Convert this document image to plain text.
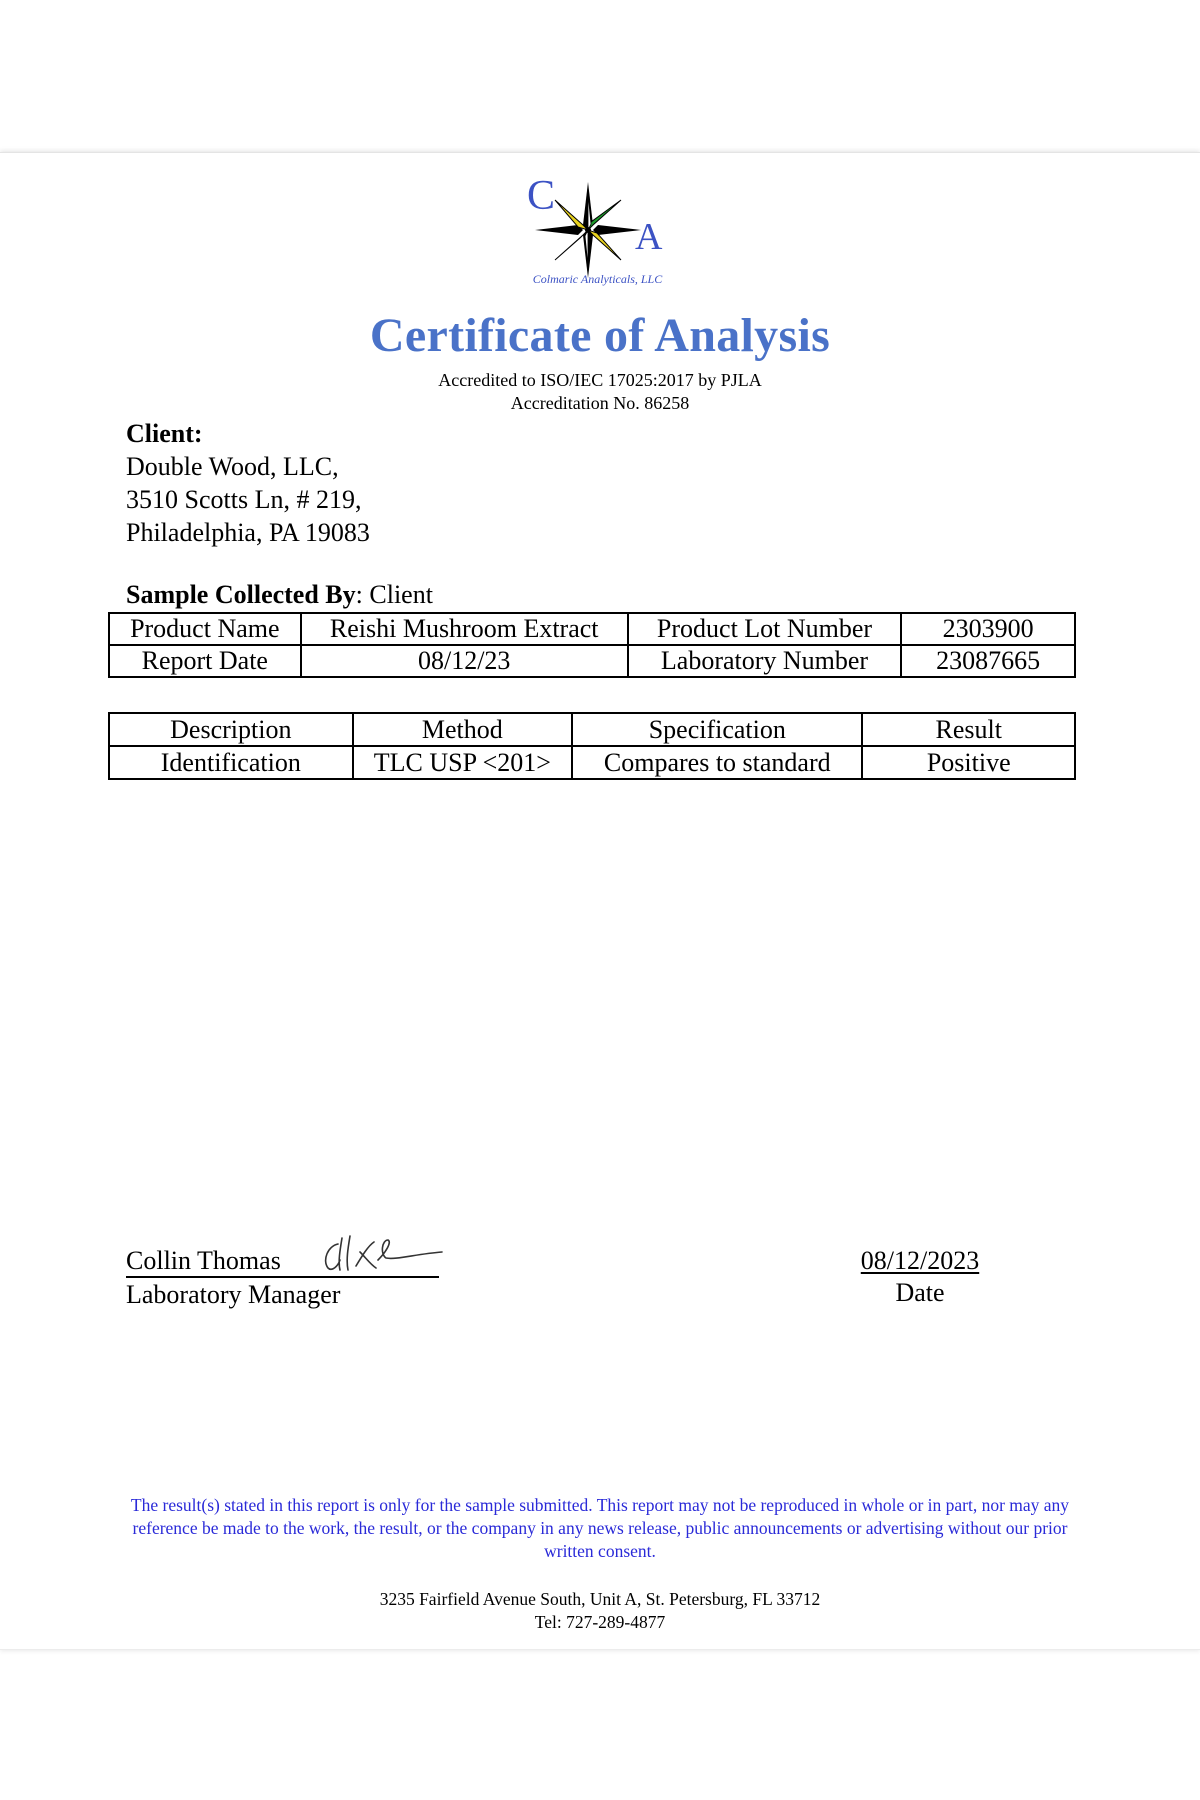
C
A
Colmaric Analyticals, LLC
Certificate of Analysis
Accredited to ISO/IEC 17025:2017 by PJLA
Accreditation No. 86258
Client:
Double Wood, LLC,
3510 Scotts Ln, # 219,
Philadelphia, PA 19083
Sample Collected By: Client
Product Name	Reishi Mushroom Extract	Product Lot Number	2303900
Report Date	08/12/23	Laboratory Number	23087665
Description	Method	Specification	Result
Identification	TLC USP <201>	Compares to standard	Positive
Collin Thomas
Laboratory Manager
08/12/2023
Date
The result(s) stated in this report is only for the sample submitted. This report may not be reproduced in whole or in part, nor may any reference be made to the work, the result, or the company in any news release, public announcements or advertising without our prior written consent.
3235 Fairfield Avenue South, Unit A, St. Petersburg, FL 33712
Tel: 727-289-4877
